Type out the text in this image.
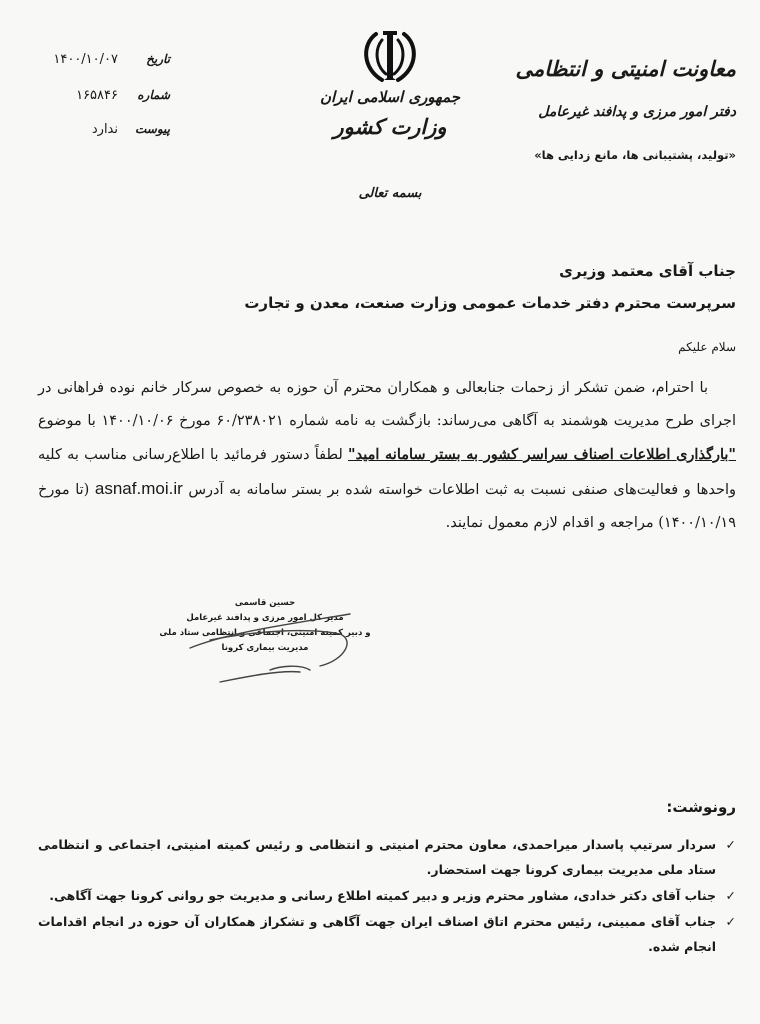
تاریخ
۱۴۰۰/۱۰/۰۷
شماره
۱۶۵۸۴۶
پیوست
ندارد
جمهوری اسلامی ایران
وزارت کشور
بسمه تعالی
معاونت امنیتی و انتظامی
دفتر امور مرزی و پدافند غیرعامل
«تولید، پشتیبانی ها، مانع زدایی ها»
جناب آقای معتمد وزیری
سرپرست محترم دفتر خدمات عمومی وزارت صنعت، معدن و تجارت
سلام علیکم

با احترام، ضمن تشکر از زحمات جنابعالی و همکاران محترم آن حوزه به خصوص سرکار خانم نوده فراهانی در اجرای طرح مدیریت هوشمند به آگاهی می‌رساند: بازگشت به نامه شماره ۶۰/۲۳۸۰۲۱ مورخ ۱۴۰۰/۱۰/۰۶ با موضوع "بارگذاری اطلاعات اصناف سراسر کشور به بستر سامانه امید" لطفاً دستور فرمائید با اطلاع‌رسانی مناسب به کلیه واحدها و فعالیت‌های صنفی نسبت به ثبت اطلاعات خواسته شده بر بستر سامانه به آدرس asnaf.moi.ir (تا مورخ ۱۴۰۰/۱۰/۱۹) مراجعه و اقدام لازم معمول نمایند.

حسین قاسمی
مدیر کل امور مرزی و پدافند غیرعامل
و دبیر کمیته امنیتی، اجتماعی و انتظامی ستاد ملی مدیریت بیماری کرونا
رونوشت:
✓
سردار سرتیپ پاسدار میراحمدی، معاون محترم امنیتی و انتظامی و رئیس کمیته امنیتی، اجتماعی و انتظامی ستاد ملی مدیریت بیماری کرونا جهت استحضار.
✓
جناب آقای دکتر خدادی، مشاور محترم وزیر و دبیر کمیته اطلاع رسانی و مدیریت جو روانی کرونا جهت آگاهی.
✓
جناب آقای ممبینی، رئیس محترم اتاق اصناف ایران جهت آگاهی و تشکراز همکاران آن حوزه در انجام اقدامات انجام شده.
